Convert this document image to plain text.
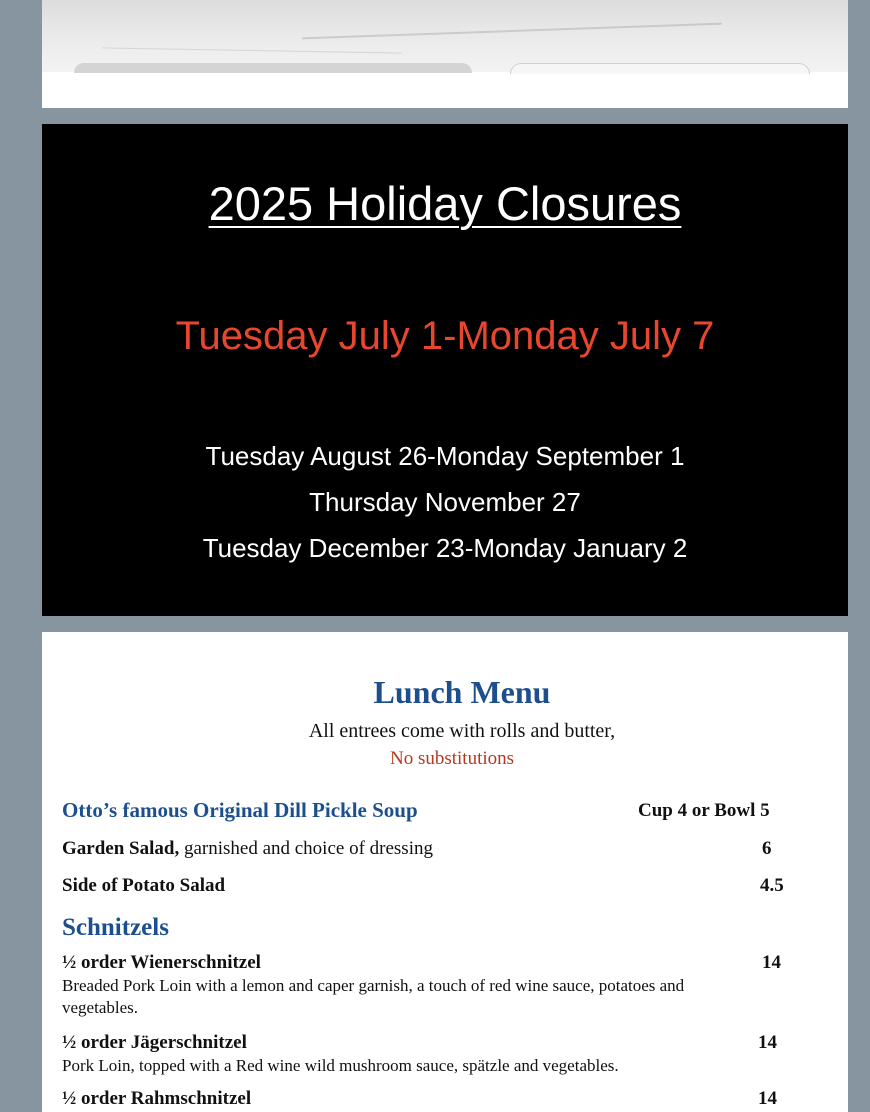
2025 Holiday Closures
Tuesday July 1-Monday July 7
Tuesday August 26-Monday September 1
Thursday November 27
Tuesday December 23-Monday January 2
Lunch Menu
All entrees come with rolls and butter,
No substitutions
Otto’s famous Original Dill Pickle Soup	Cup 4 or Bowl 5
Garden Salad, garnished and choice of dressing	6
Side of Potato Salad	4.5
Schnitzels
½ order Wienerschnitzel	14
Breaded Pork Loin with a lemon and caper garnish, a touch of red wine sauce, potatoes and vegetables.
½ order Jägerschnitzel	14
Pork Loin, topped with a Red wine wild mushroom sauce, spätzle and vegetables.
½ order Rahmschnitzel	14
